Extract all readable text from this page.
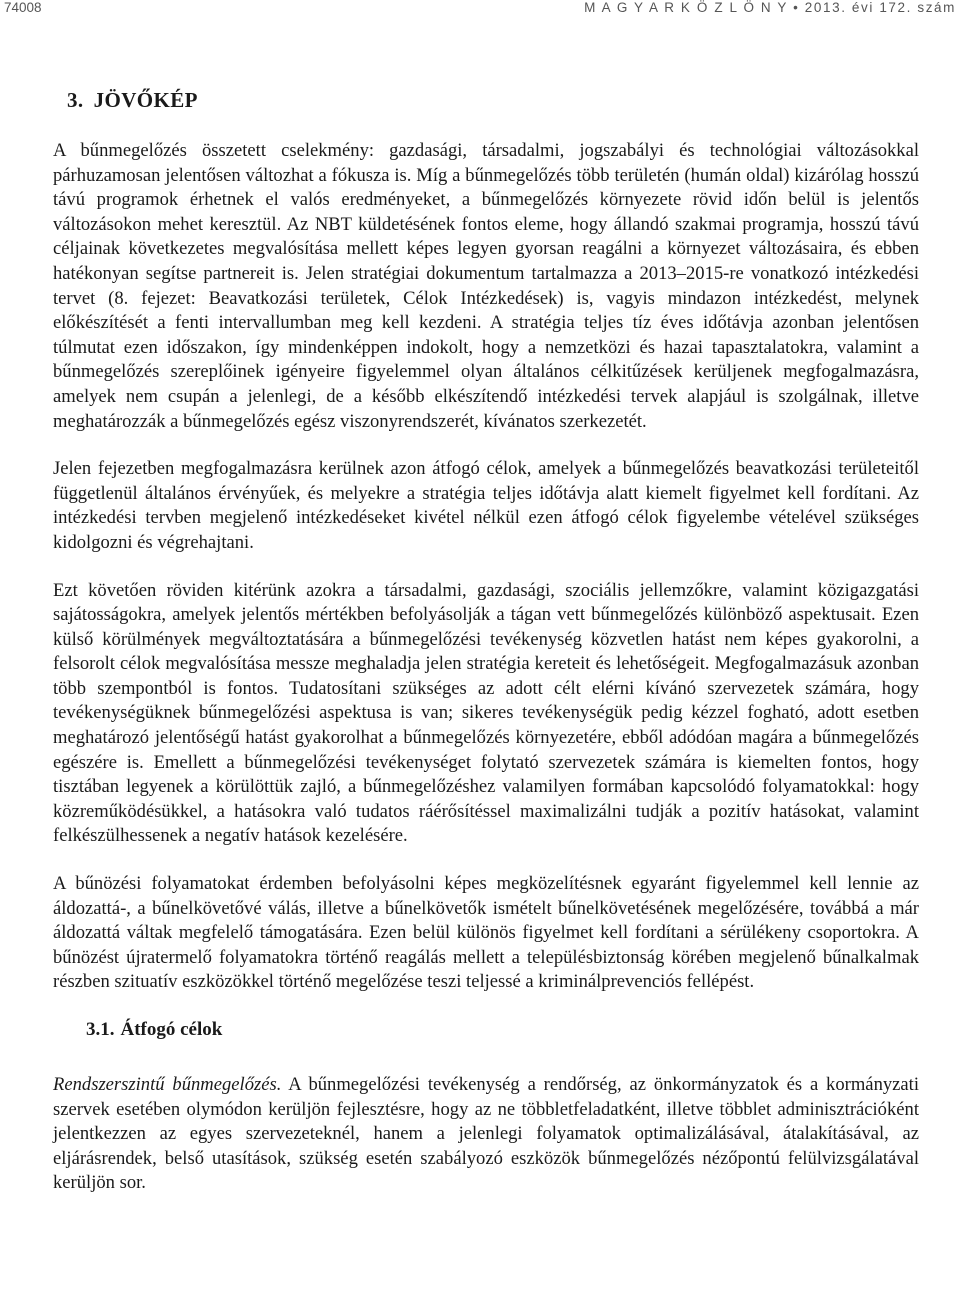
74008	M A G Y A R K Ö Z L Ö N Y • 2013. évi 172. szám
3. JÖVŐKÉP

A bűnmegelőzés összetett cselekmény: gazdasági, társadalmi, jogszabályi és technológiai változásokkal párhuzamosan jelentősen változhat a fókusza is. Míg a bűnmegelőzés több területén (humán oldal) kizárólag hosszú távú programok érhetnek el valós eredményeket, a bűnmegelőzés környezete rövid időn belül is jelentős változásokon mehet keresztül. Az NBT küldetésének fontos eleme, hogy állandó szakmai programja, hosszú távú céljainak következetes megvalósítása mellett képes legyen gyorsan reagálni a környezet változásaira, és ebben hatékonyan segítse partnereit is. Jelen stratégiai dokumentum tartalmazza a 2013–2015-re vonatkozó intézkedési tervet (8. fejezet: Beavatkozási területek, Célok Intézkedések) is, vagyis mindazon intézkedést, melynek előkészítését a fenti intervallumban meg kell kezdeni. A stratégia teljes tíz éves időtávja azonban jelentősen túlmutat ezen időszakon, így mindenképpen indokolt, hogy a nemzetközi és hazai tapasztalatokra, valamint a bűnmegelőzés szereplőinek igényeire figyelemmel olyan általános célkitűzések kerüljenek megfogalmazásra, amelyek nem csupán a jelenlegi, de a később elkészítendő intézkedési tervek alapjául is szolgálnak, illetve meghatározzák a bűnmegelőzés egész viszonyrendszerét, kívánatos szerkezetét.

Jelen fejezetben megfogalmazásra kerülnek azon átfogó célok, amelyek a bűnmegelőzés beavatkozási területeitől függetlenül általános érvényűek, és melyekre a stratégia teljes időtávja alatt kiemelt figyelmet kell fordítani. Az intézkedési tervben megjelenő intézkedéseket kivétel nélkül ezen átfogó célok figyelembe vételével szükséges kidolgozni és végrehajtani.

Ezt követően röviden kitérünk azokra a társadalmi, gazdasági, szociális jellemzőkre, valamint közigazgatási sajátosságokra, amelyek jelentős mértékben befolyásolják a tágan vett bűnmegelőzés különböző aspektusait. Ezen külső körülmények megváltoztatására a bűnmegelőzési tevékenység közvetlen hatást nem képes gyakorolni, a felsorolt célok megvalósítása messze meghaladja jelen stratégia kereteit és lehetőségeit. Megfogalmazásuk azonban több szempontból is fontos. Tudatosítani szükséges az adott célt elérni kívánó szervezetek számára, hogy tevékenységüknek bűnmegelőzési aspektusa is van; sikeres tevékenységük pedig kézzel fogható, adott esetben meghatározó jelentőségű hatást gyakorolhat a bűnmegelőzés környezetére, ebből adódóan magára a bűnmegelőzés egészére is. Emellett a bűnmegelőzési tevékenységet folytató szervezetek számára is kiemelten fontos, hogy tisztában legyenek a körülöttük zajló, a bűnmegelőzéshez valamilyen formában kapcsolódó folyamatokkal: hogy közreműködésükkel, a hatásokra való tudatos ráérősítéssel maximalizálni tudják a pozitív hatásokat, valamint felkészülhessenek a negatív hatások kezelésére.

A bűnözési folyamatokat érdemben befolyásolni képes megközelítésnek egyaránt figyelemmel kell lennie az áldozattá-, a bűnelkövetővé válás, illetve a bűnelkövetők ismételt bűnelkövetésének megelőzésére, továbbá a már áldozattá váltak megfelelő támogatására. Ezen belül különös figyelmet kell fordítani a sérülékeny csoportokra. A bűnözést újratermelő folyamatokra történő reagálás mellett a településbiztonság körében megjelenő bűnalkalmak részben szituatív eszközökkel történő megelőzése teszi teljessé a kriminálprevenciós fellépést.

3.1. Átfogó célok

Rendszerszintű bűnmegelőzés. A bűnmegelőzési tevékenység a rendőrség, az önkormányzatok és a kormányzati szervek esetében olymódon kerüljön fejlesztésre, hogy az ne többletfeladatként, illetve többlet adminisztrációként jelentkezzen az egyes szervezeteknél, hanem a jelenlegi folyamatok optimalizálásával, átalakításával, az eljárásrendek, belső utasítások, szükség esetén szabályozó eszközök bűnmegelőzés nézőpontú felülvizsgálatával kerüljön sor.
